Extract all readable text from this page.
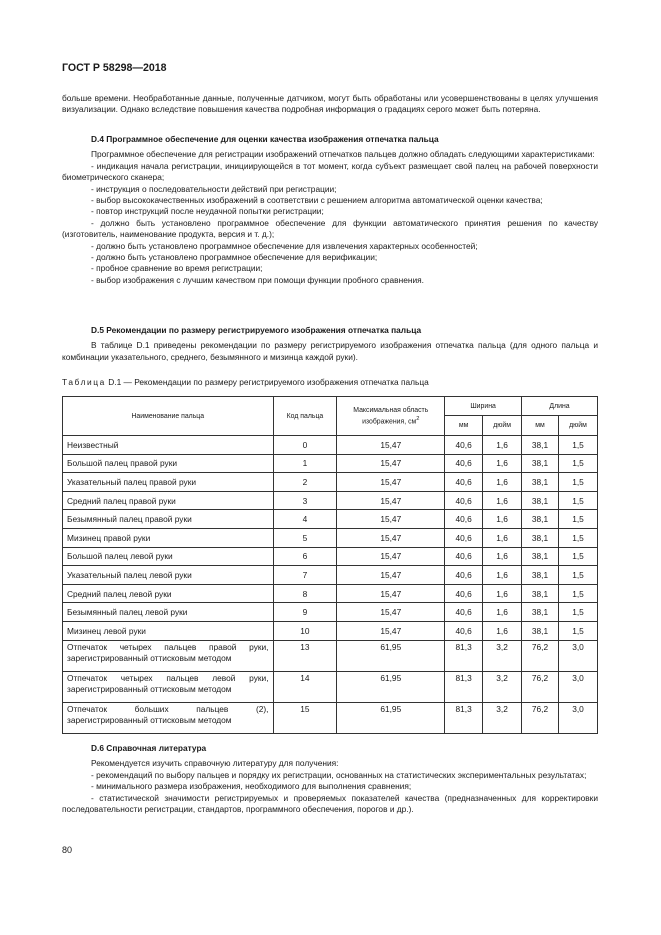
ГОСТ Р 58298—2018

больше времени. Необработанные данные, полученные датчиком, могут быть обработаны или усовершенствованы в целях улучшения визуализации. Однако вследствие повышения качества подробная информация о градациях серого может быть потеряна.

D.4 Программное обеспечение для оценки качества изображения отпечатка пальца

Программное обеспечение для регистрации изображений отпечатков пальцев должно обладать следующими характеристиками:

- индикация начала регистрации, инициирующейся в тот момент, когда субъект размещает свой палец на рабочей поверхности биометрического сканера;

- инструкция о последовательности действий при регистрации;

- выбор высококачественных изображений в соответствии с решением алгоритма автоматической оценки качества;

- повтор инструкций после неудачной попытки регистрации;

- должно быть установлено программное обеспечение для функции автоматического принятия решения по качеству (изготовитель, наименование продукта, версия и т. д.);

- должно быть установлено программное обеспечение для извлечения характерных особенностей;

- должно быть установлено программное обеспечение для верификации;

- пробное сравнение во время регистрации;

- выбор изображения с лучшим качеством при помощи функции пробного сравнения.

D.5 Рекомендации по размеру регистрируемого изображения отпечатка пальца

В таблице D.1 приведены рекомендации по размеру регистрируемого изображения отпечатка пальца (для одного пальца и комбинации указательного, среднего, безымянного и мизинца каждой руки).

Таблица D.1 — Рекомендации по размеру регистрируемого изображения отпечатка пальца
Наименование пальца	Код пальца	Максимальная область изображения, $см^2$	Ширина		Длина	
			мм	дюйм	мм	дюйм
Неизвестный	0	15,47	40,6	1,6	38,1	1,5
Большой палец правой руки	1	15,47	40,6	1,6	38,1	1,5
Указательный палец правой руки	2	15,47	40,6	1,6	38,1	1,5
Средний палец правой руки	3	15,47	40,6	1,6	38,1	1,5
Безымянный палец правой руки	4	15,47	40,6	1,6	38,1	1,5
Мизинец правой руки	5	15,47	40,6	1,6	38,1	1,5
Большой палец левой руки	6	15,47	40,6	1,6	38,1	1,5
Указательный палец левой руки	7	15,47	40,6	1,6	38,1	1,5
Средний палец левой руки	8	15,47	40,6	1,6	38,1	1,5
Безымянный палец левой руки	9	15,47	40,6	1,6	38,1	1,5
Мизинец левой руки	10	15,47	40,6	1,6	38,1	1,5
Отпечаток четырех пальцев правой руки, зарегистрированный оттисковым методом	13	61,95	81,3	3,2	76,2	3,0
Отпечаток четырех пальцев левой руки, зарегистрированный оттисковым методом	14	61,95	81,3	3,2	76,2	3,0
Отпечаток больших пальцев (2), зарегистрированный оттисковым методом	15	61,95	81,3	3,2	76,2	3,0

D.6 Справочная литература

Рекомендуется изучить справочную литературу для получения:

- рекомендаций по выбору пальцев и порядку их регистрации, основанных на статистических экспериментальных результатах;

- минимального размера изображения, необходимого для выполнения сравнения;

- статистической значимости регистрируемых и проверяемых показателей качества (предназначенных для корректировки последовательности регистрации, стандартов, программного обеспечения, порогов и др.).

80
